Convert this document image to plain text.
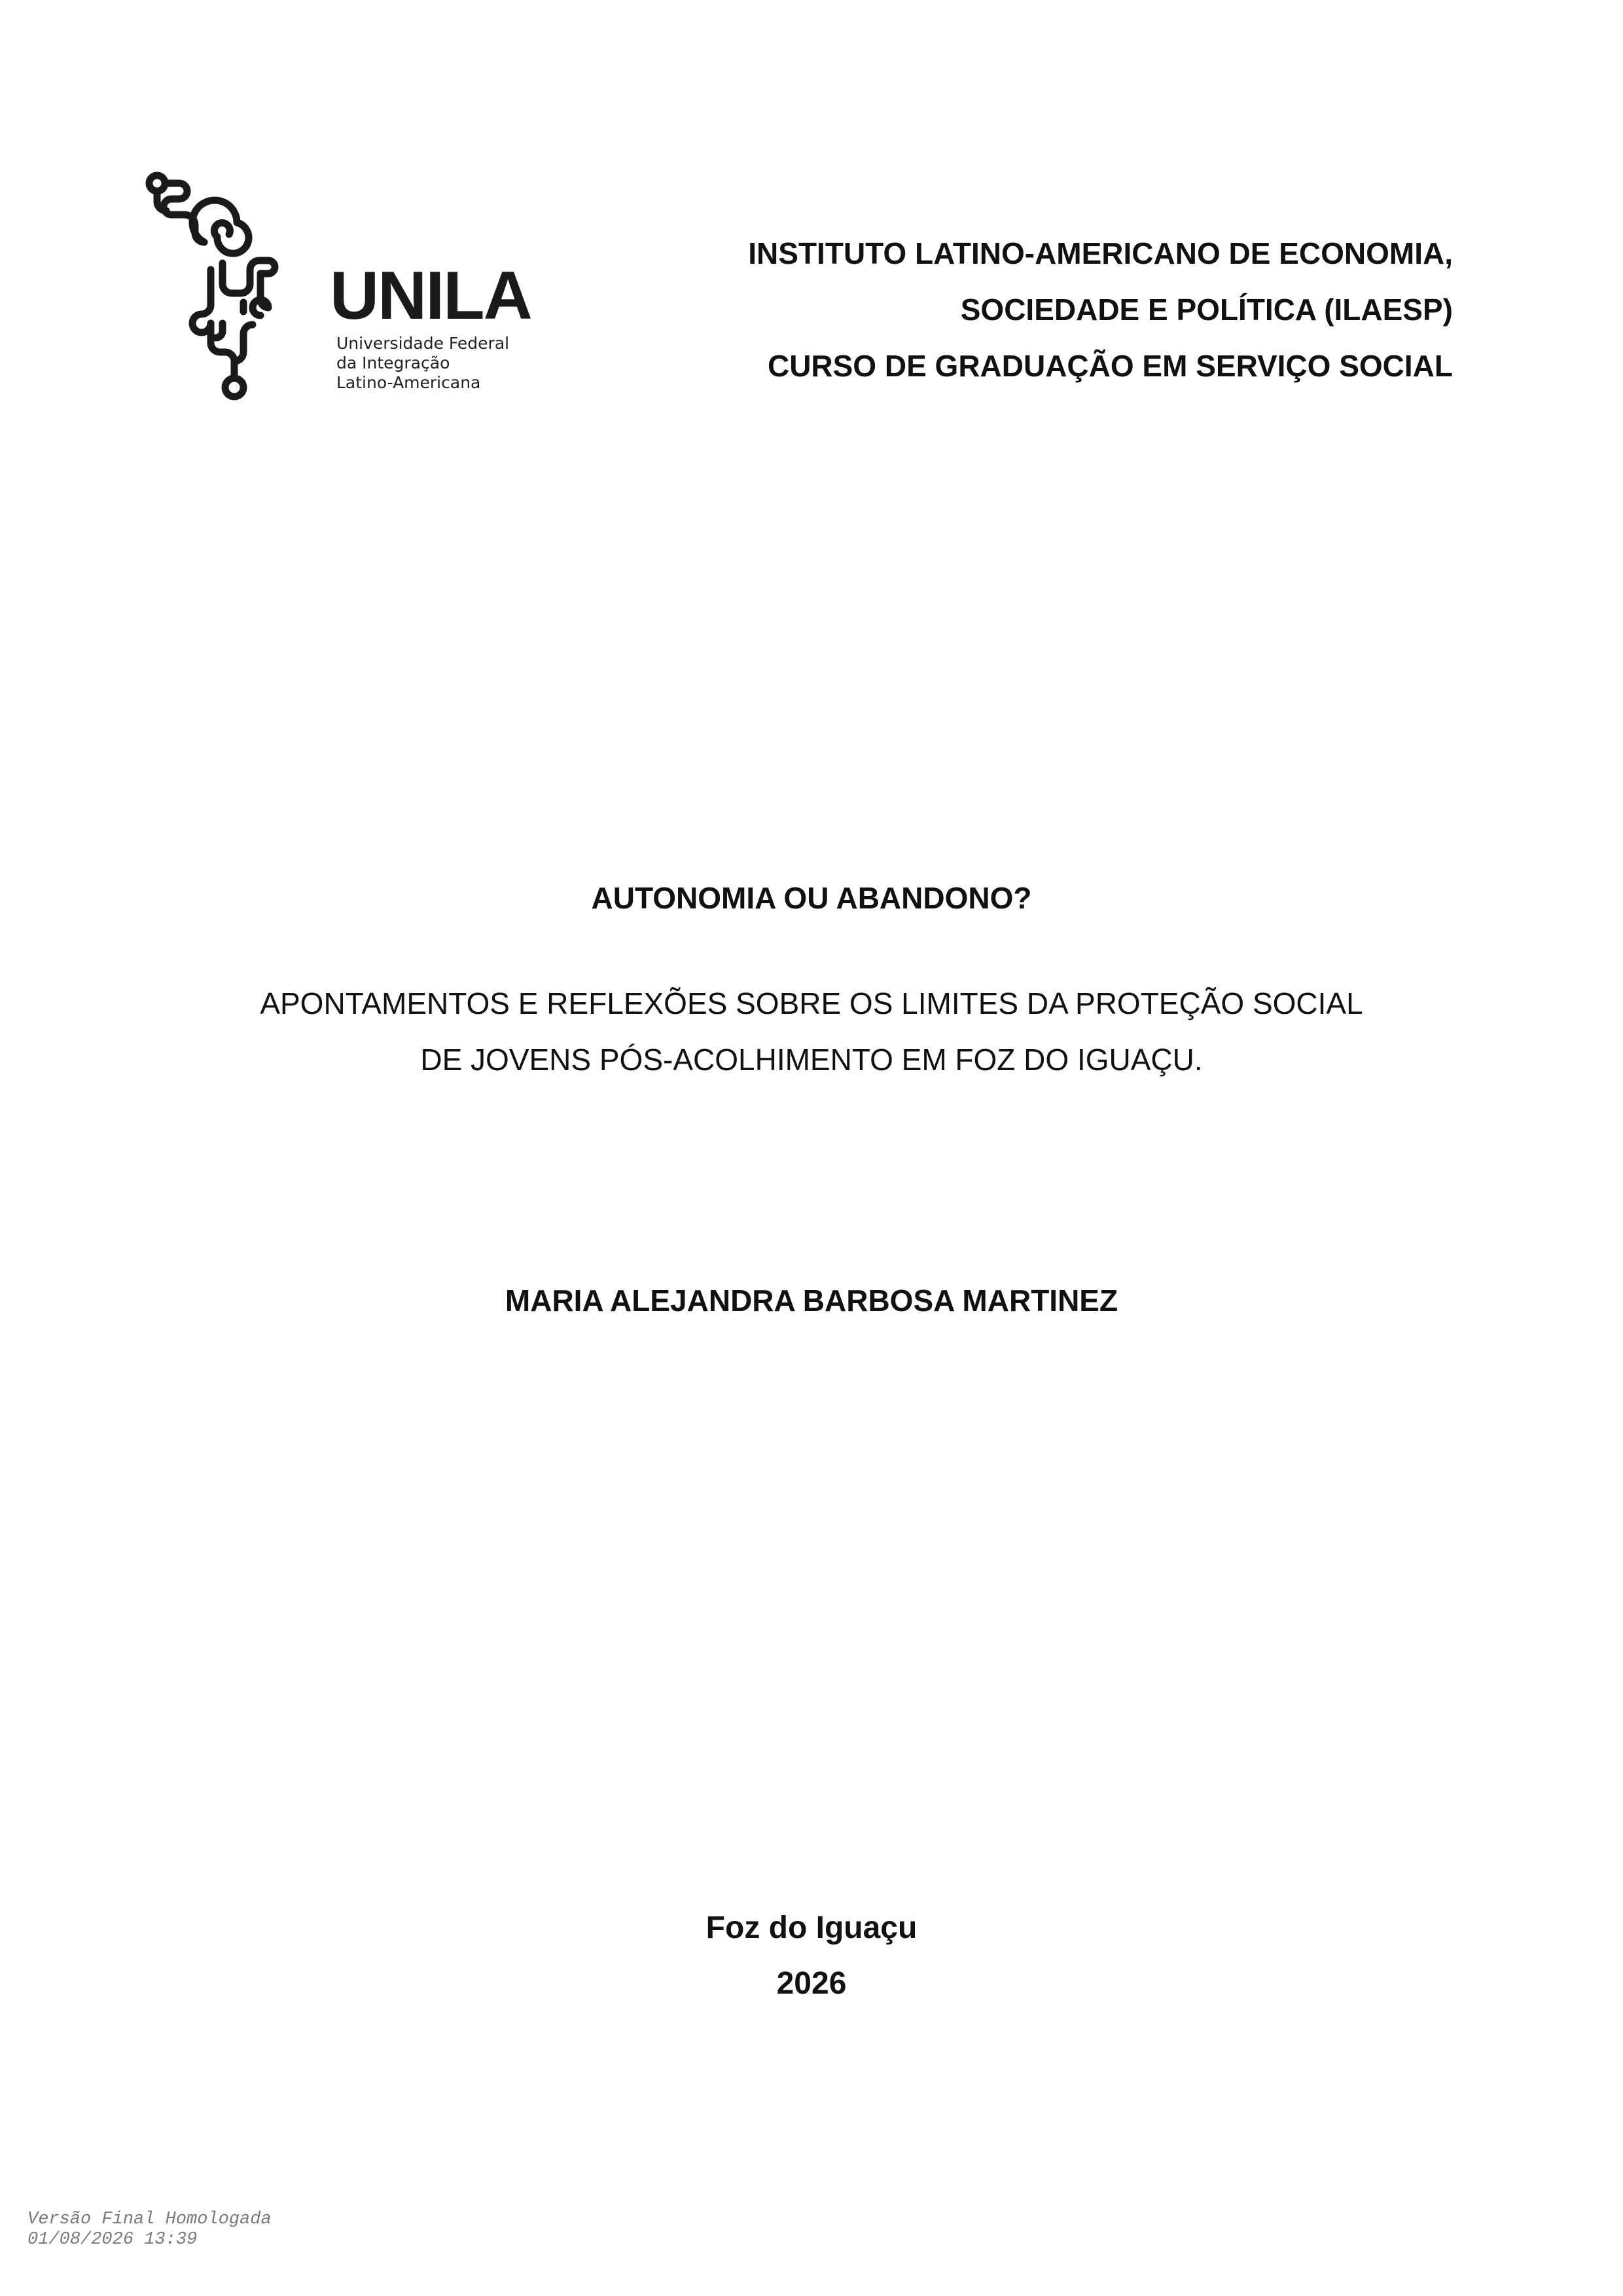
UNILA
Universidade Federal
da Integração
Latino-Americana
INSTITUTO LATINO-AMERICANO DE ECONOMIA,
SOCIEDADE E POLÍTICA (ILAESP)
CURSO DE GRADUAÇÃO EM SERVIÇO SOCIAL
AUTONOMIA OU ABANDONO?
APONTAMENTOS E REFLEXÕES SOBRE OS LIMITES DA PROTEÇÃO SOCIAL
DE JOVENS PÓS-ACOLHIMENTO EM FOZ DO IGUAÇU.
MARIA ALEJANDRA BARBOSA MARTINEZ
Foz do Iguaçu
2026
Versão Final Homologada
01/08/2026 13:39
